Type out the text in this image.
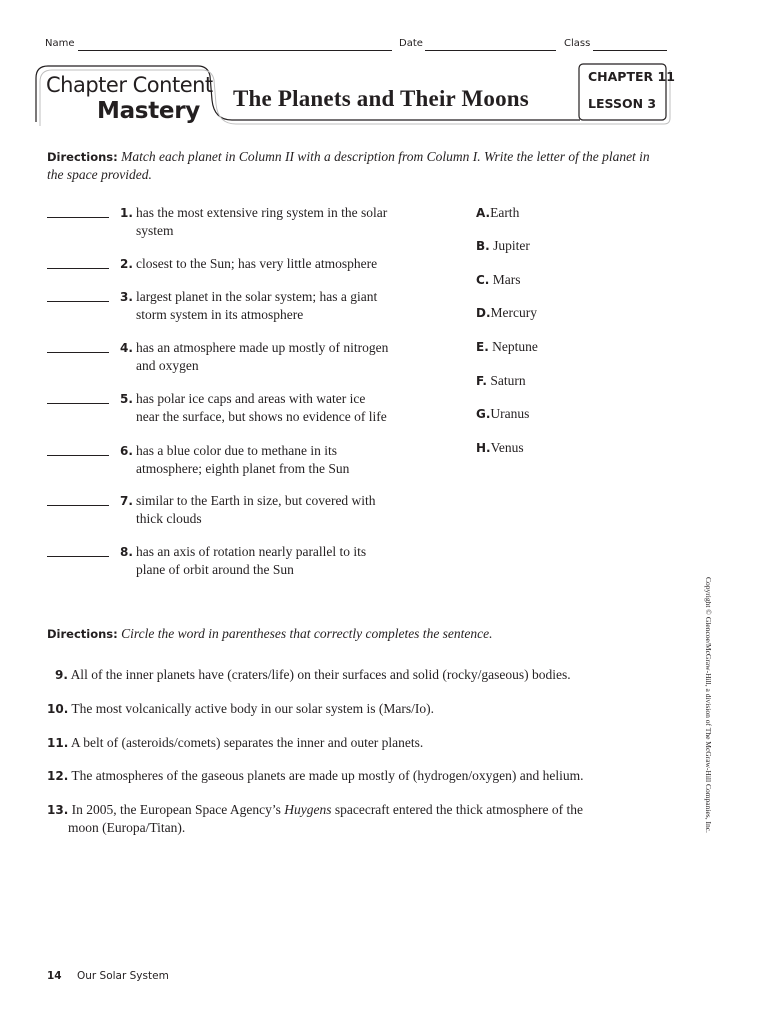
Name	Date	Class
Chapter Content
Mastery The Planets and Their Moons
CHAPTER 11
LESSON 3
Directions: Match each planet in Column II with a description from Column I. Write the letter of the planet in the space provided.
1. has the most extensive ring system in the solar
system
2. closest to the Sun; has very little atmosphere
3. largest planet in the solar system; has a giant
storm system in its atmosphere
4. has an atmosphere made up mostly of nitrogen
and oxygen
5. has polar ice caps and areas with water ice
near the surface, but shows no evidence of life
6. has a blue color due to methane in its
atmosphere; eighth planet from the Sun
7. similar to the Earth in size, but covered with
thick clouds
8. has an axis of rotation nearly parallel to its
plane of orbit around the Sun
A.Earth
B. Jupiter
C. Mars
D.Mercury
E. Neptune
F. Saturn
G.Uranus
H.Venus
Directions: Circle the word in parentheses that correctly completes the sentence.
9. All of the inner planets have (craters/life) on their surfaces and solid (rocky/gaseous) bodies.
10. The most volcanically active body in our solar system is (Mars/Io).
11. A belt of (asteroids/comets) separates the inner and outer planets.
12. The atmospheres of the gaseous planets are made up mostly of (hydrogen/oxygen) and helium.
13. In 2005, the European Space Agency’s Huygens spacecraft entered the thick atmosphere of the
moon (Europa/Titan).	Copyright © Glencoe/McGraw-Hill, a division of The McGraw-Hill Companies, Inc.
14 Our Solar System
